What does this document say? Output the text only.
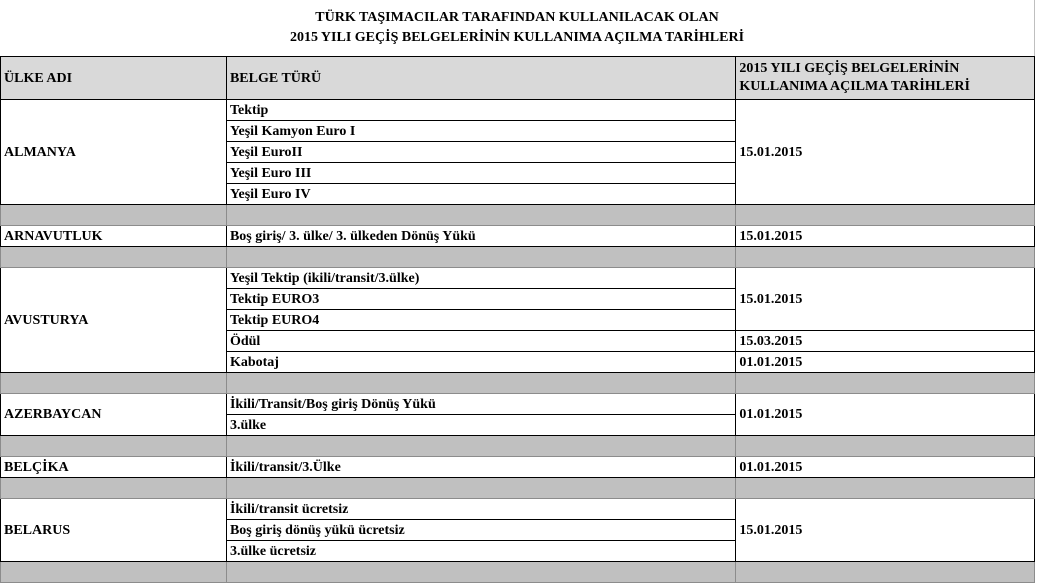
TÜRK TAŞIMACILAR TARAFINDAN KULLANILACAK OLAN
2015 YILI GEÇİŞ BELGELERİNİN KULLANIMA AÇILMA TARİHLERİ
ÜLKE ADI	BELGE TÜRÜ	2015 YILI GEÇİŞ BELGELERİNİN KULLANIMA AÇILMA TARİHLERİ
ALMANYA	Tektip	15.01.2015
	Yeşil Kamyon Euro I	
	Yeşil EuroII	
	Yeşil Euro III	
	Yeşil Euro IV	

ARNAVUTLUK	Boş giriş/ 3. ülke/ 3. ülkeden Dönüş Yükü	15.01.2015

AVUSTURYA	Yeşil Tektip (ikili/transit/3.ülke)	15.01.2015
	Tektip EURO3	
	Tektip EURO4	
	Ödül	15.03.2015
	Kabotaj	01.01.2015

AZERBAYCAN	İkili/Transit/Boş giriş Dönüş Yükü	01.01.2015
	3.ülke	

BELÇİKA	İkili/transit/3.Ülke	01.01.2015

BELARUS	İkili/transit ücretsiz	15.01.2015
	Boş giriş dönüş yükü ücretsiz	
	3.ülke ücretsiz	
